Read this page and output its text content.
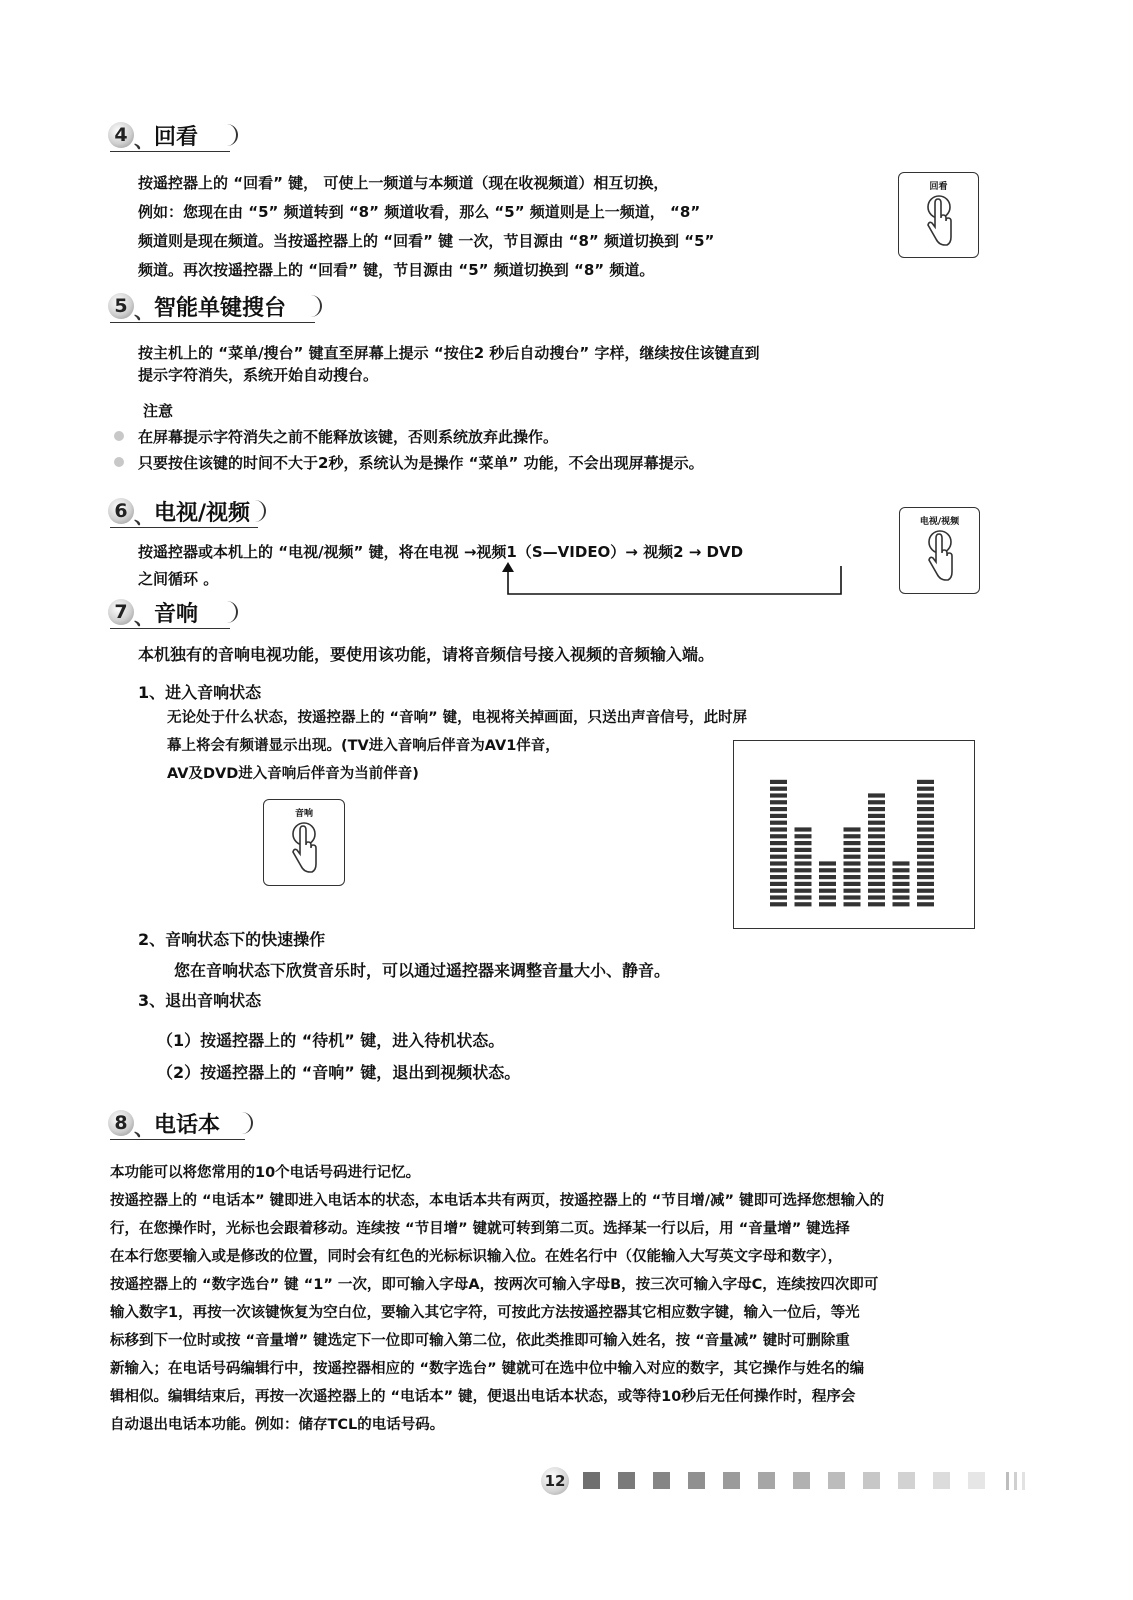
4 、 回看
按遥控器上的 “回看” 键， 可使上一频道与本频道（现在收视频道）相互切换，
例如：您现在由 “5” 频道转到 “8” 频道收看，那么 “5” 频道则是上一频道， “8”
频道则是现在频道。当按遥控器上的 “回看” 键 一次，节目源由 “8” 频道切换到 “5”
频道。再次按遥控器上的 “回看” 键，节目源由 “5” 频道切换到 “8” 频道。
回看
5 、 智能单键搜台
按主机上的 “菜单/搜台” 键直至屏幕上提示 “按住2 秒后自动搜台” 字样，继续按住该键直到
提示字符消失，系统开始自动搜台。
注意
在屏幕提示字符消失之前不能释放该键，否则系统放弃此操作。
只要按住该键的时间不大于2秒，系统认为是操作 “菜单” 功能，不会出现屏幕提示。
6 、 电视/视频
按遥控器或本机上的 “电视/视频” 键，将在电视 →视频1（S—VIDEO）→ 视频2 → DVD
之间循环 。
电视/视频
7 、 音响
本机独有的音响电视功能，要使用该功能，请将音频信号接入视频的音频输入端。
1、进入音响状态
无论处于什么状态，按遥控器上的 “音响” 键，电视将关掉画面，只送出声音信号，此时屏
幕上将会有频谱显示出现。(TV进入音响后伴音为AV1伴音，
AV及DVD进入音响后伴音为当前伴音)
音响
2、音响状态下的快速操作
您在音响状态下欣赏音乐时，可以通过遥控器来调整音量大小、静音。
3、退出音响状态
（1）按遥控器上的 “待机” 键，进入待机状态。
（2）按遥控器上的 “音响” 键，退出到视频状态。
8 、 电话本
本功能可以将您常用的10个电话号码进行记忆。
按遥控器上的 “电话本” 键即进入电话本的状态，本电话本共有两页，按遥控器上的 “节目增/减” 键即可选择您想输入的
行，在您操作时，光标也会跟着移动。连续按 “节目增” 键就可转到第二页。选择某一行以后，用 “音量增” 键选择
在本行您要输入或是修改的位置，同时会有红色的光标标识输入位。在姓名行中（仅能输入大写英文字母和数字），
按遥控器上的 “数字选台” 键 “1” 一次，即可输入字母A，按两次可输入字母B，按三次可输入字母C，连续按四次即可
输入数字1，再按一次该键恢复为空白位，要输入其它字符，可按此方法按遥控器其它相应数字键，输入一位后，等光
标移到下一位时或按 “音量增” 键选定下一位即可输入第二位，依此类推即可输入姓名，按 “音量减” 键时可删除重
新输入；在电话号码编辑行中，按遥控器相应的 “数字选台” 键就可在选中位中输入对应的数字，其它操作与姓名的编
辑相似。编辑结束后，再按一次遥控器上的 “电话本” 键，便退出电话本状态，或等待10秒后无任何操作时，程序会
自动退出电话本功能。例如：储存TCL的电话号码。
12
